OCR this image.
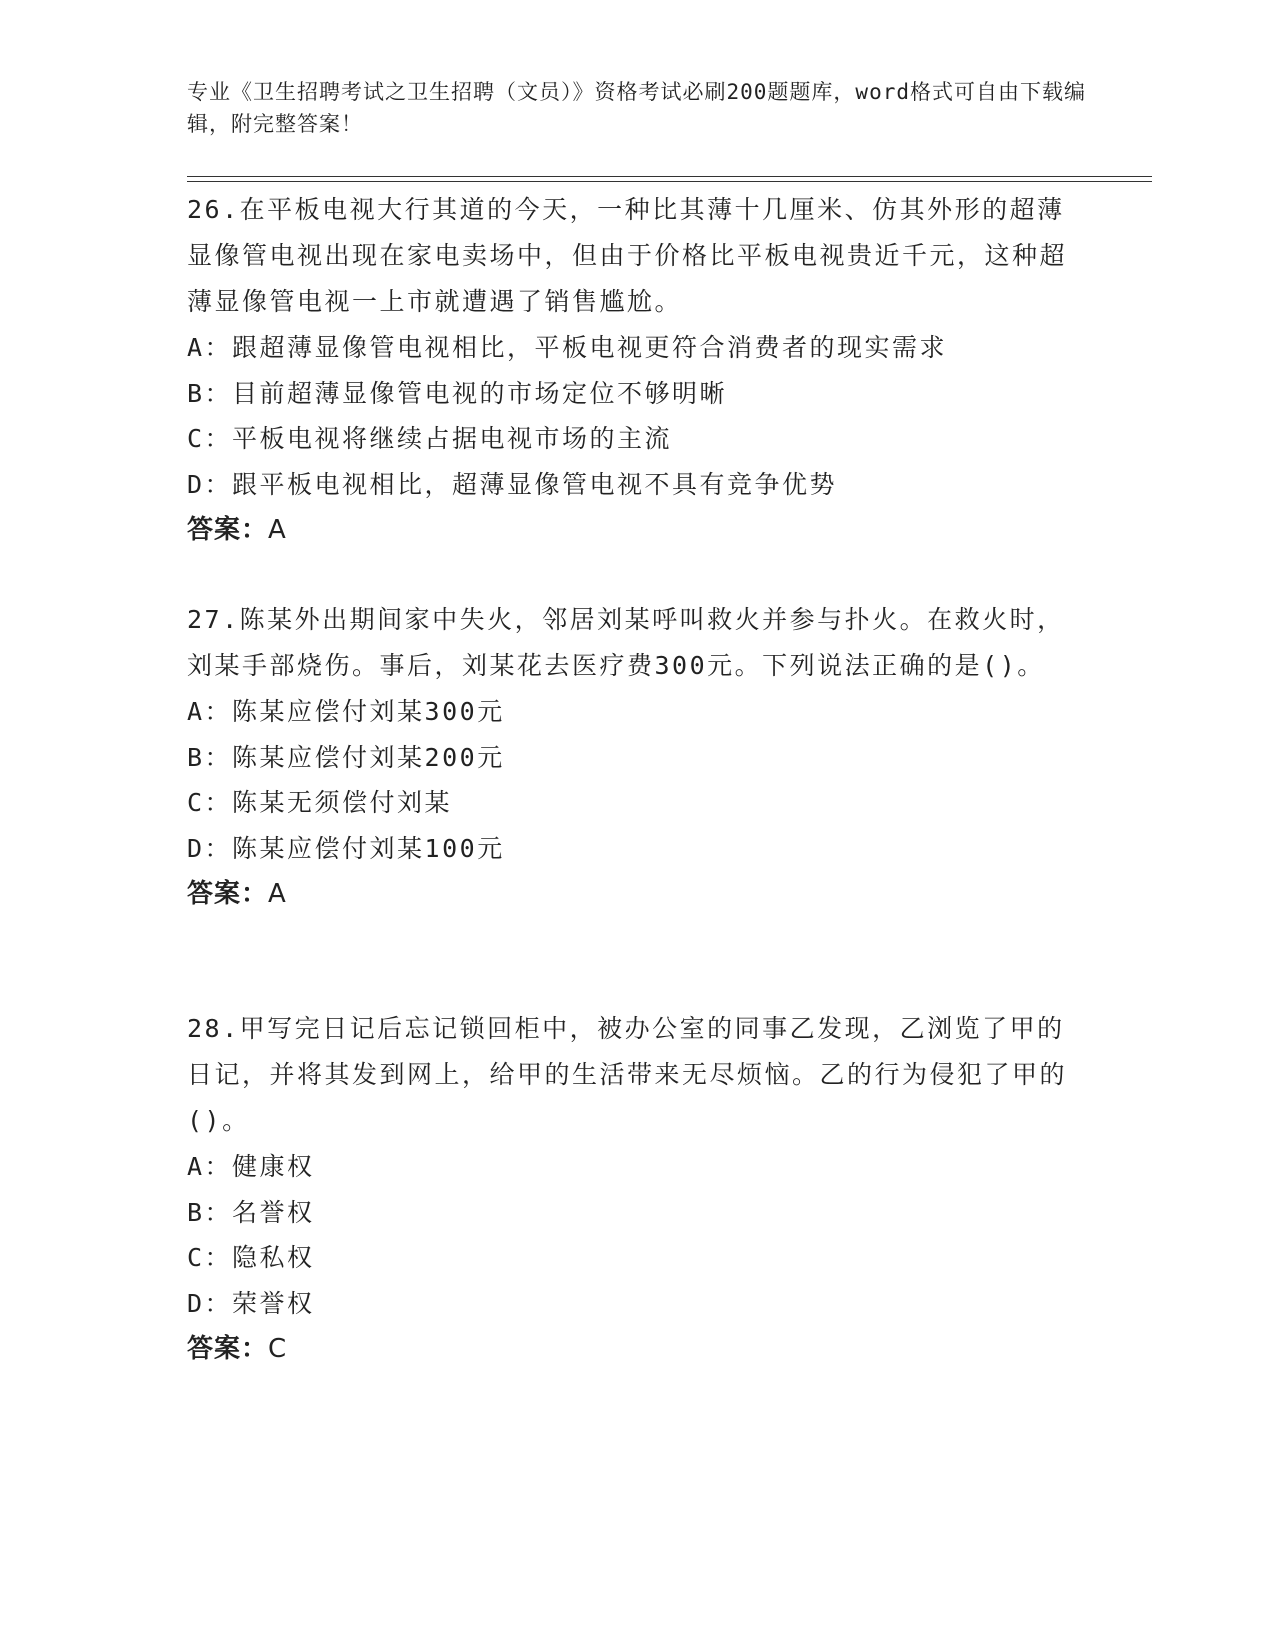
专业《卫生招聘考试之卫生招聘（文员）》资格考试必刷200题题库，word格式可自由下载编辑，附完整答案！
26.在平板电视大行其道的今天，一种比其薄十几厘米、仿其外形的超薄显像管电视出现在家电卖场中，但由于价格比平板电视贵近千元，这种超薄显像管电视一上市就遭遇了销售尴尬。
A：跟超薄显像管电视相比，平板电视更符合消费者的现实需求
B：目前超薄显像管电视的市场定位不够明晰
C：平板电视将继续占据电视市场的主流
D：跟平板电视相比，超薄显像管电视不具有竞争优势
答案：A
27.陈某外出期间家中失火，邻居刘某呼叫救火并参与扑火。在救火时，刘某手部烧伤。事后，刘某花去医疗费300元。下列说法正确的是()。
A：陈某应偿付刘某300元
B：陈某应偿付刘某200元
C：陈某无须偿付刘某
D：陈某应偿付刘某100元
答案：A
28.甲写完日记后忘记锁回柜中，被办公室的同事乙发现，乙浏览了甲的日记，并将其发到网上，给甲的生活带来无尽烦恼。乙的行为侵犯了甲的()。
A：健康权
B：名誉权
C：隐私权
D：荣誉权
答案：C
